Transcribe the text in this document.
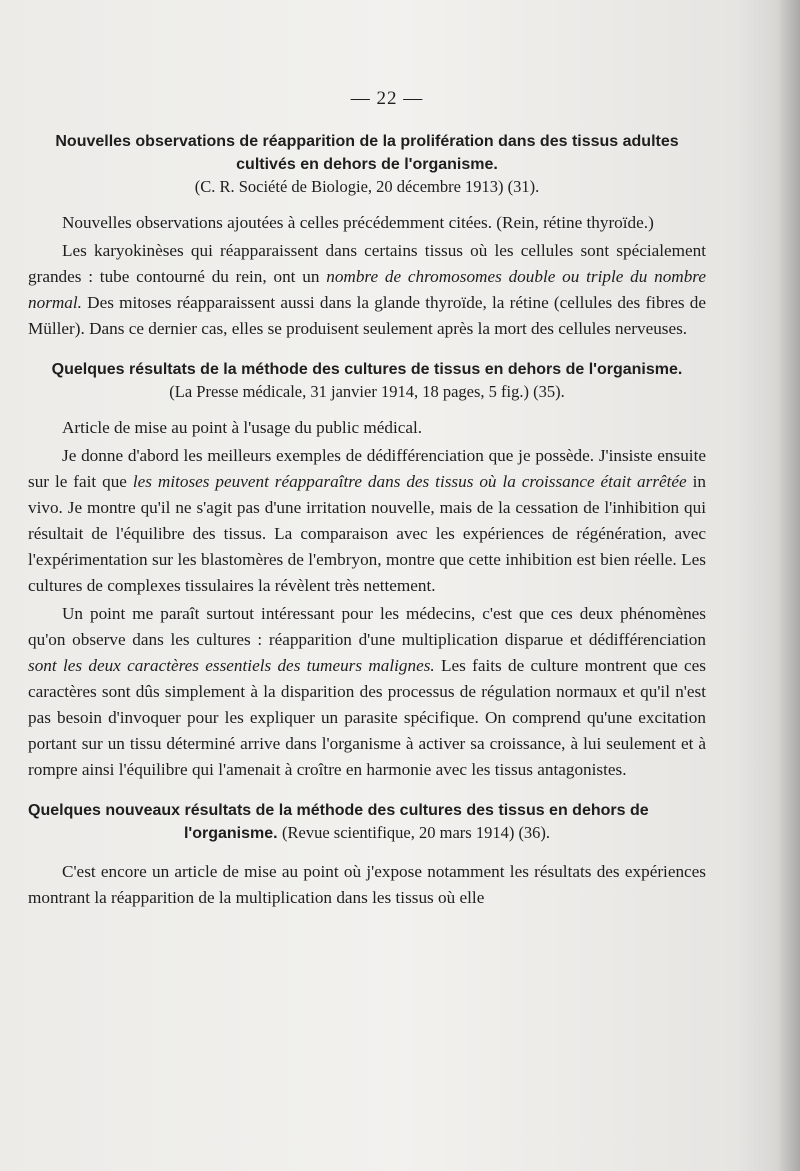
— 22 —
Nouvelles observations de réapparition de la prolifération dans des tissus adultes cultivés en dehors de l'organisme.
(C. R. Société de Biologie, 20 décembre 1913) (31).

Nouvelles observations ajoutées à celles précédemment citées. (Rein, rétine thyroïde.)

Les karyokinèses qui réapparaissent dans certains tissus où les cellules sont spécialement grandes : tube contourné du rein, ont un nombre de chromosomes double ou triple du nombre normal. Des mitoses réapparaissent aussi dans la glande thyroïde, la rétine (cellules des fibres de Müller). Dans ce dernier cas, elles se produisent seulement après la mort des cellules nerveuses.

Quelques résultats de la méthode des cultures de tissus en dehors de l'organisme.
(La Presse médicale, 31 janvier 1914, 18 pages, 5 fig.) (35).

Article de mise au point à l'usage du public médical.

Je donne d'abord les meilleurs exemples de dédifférenciation que je possède. J'insiste ensuite sur le fait que les mitoses peuvent réapparaître dans des tissus où la croissance était arrêtée in vivo. Je montre qu'il ne s'agit pas d'une irritation nouvelle, mais de la cessation de l'inhibition qui résultait de l'équilibre des tissus. La comparaison avec les expériences de régénération, avec l'expérimentation sur les blastomères de l'embryon, montre que cette inhibition est bien réelle. Les cultures de complexes tissulaires la révèlent très nettement.

Un point me paraît surtout intéressant pour les médecins, c'est que ces deux phénomènes qu'on observe dans les cultures : réapparition d'une multiplication disparue et dédifférenciation sont les deux caractères essentiels des tumeurs malignes. Les faits de culture montrent que ces caractères sont dûs simplement à la disparition des processus de régulation normaux et qu'il n'est pas besoin d'invoquer pour les expliquer un parasite spécifique. On comprend qu'une excitation portant sur un tissu déterminé arrive dans l'organisme à activer sa croissance, à lui seulement et à rompre ainsi l'équilibre qui l'amenait à croître en harmonie avec les tissus antagonistes.

Quelques nouveaux résultats de la méthode des cultures des tissus en dehors de
l'organisme. (Revue scientifique, 20 mars 1914) (36).

C'est encore un article de mise au point où j'expose notamment les résultats des expériences montrant la réapparition de la multiplication dans les tissus où elle
